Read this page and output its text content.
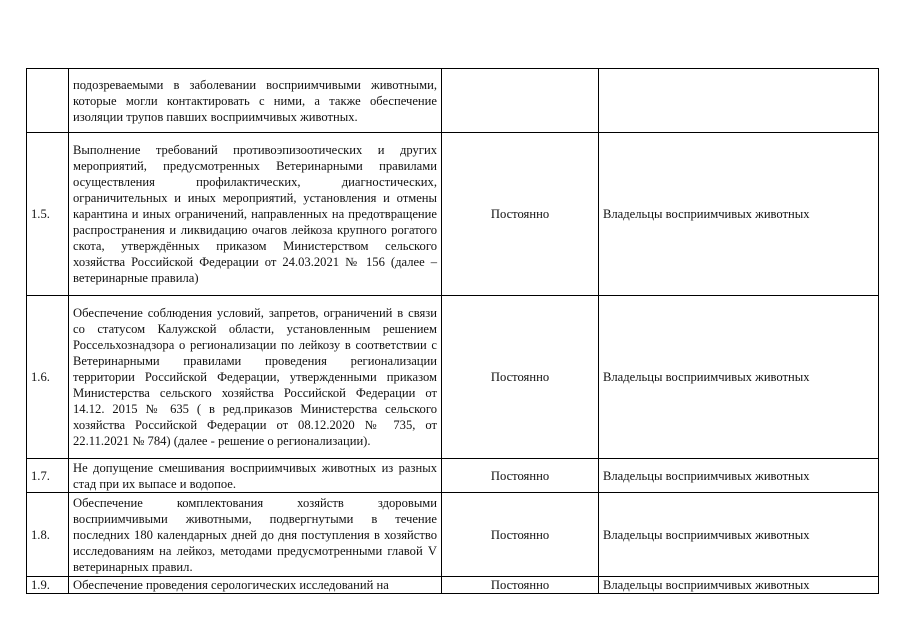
	подозреваемыми в заболевании восприимчивыми животными, которые могли контактировать с ними, а также обеспечение изоляции трупов павших восприимчивых животных.		
1.5.	Выполнение требований противоэпизоотических и других мероприятий, предусмотренных Ветеринарными правилами осуществления профилактических, диагностических, ограничительных и иных мероприятий, установления и отмены карантина и иных ограничений, направленных на предотвращение распространения и ликвидацию очагов лейкоза крупного рогатого скота, утверждённых приказом Министерством сельского хозяйства Российской Федерации от 24.03.2021 № 156 (далее – ветеринарные правила)	Постоянно	Владельцы восприимчивых животных
1.6.	Обеспечение соблюдения условий, запретов, ограничений в связи со статусом Калужской области, установленным решением Россельхознадзора о регионализации по лейкозу в соответствии с Ветеринарными правилами проведения регионализации территории Российской Федерации, утвержденными приказом Министерства сельского хозяйства Российской Федерации от 14.12. 2015 № 635 ( в ред.приказов Министерства сельского хозяйства Российской Федерации от 08.12.2020 № 735, от 22.11.2021 № 784) (далее - решение о регионализации).	Постоянно	Владельцы восприимчивых животных
1.7.	Не допущение смешивания восприимчивых животных из разных стад при их выпасе и водопое.	Постоянно	Владельцы восприимчивых животных
1.8.	Обеспечение комплектования хозяйств здоровыми восприимчивыми животными, подвергнутыми в течение последних 180 календарных дней до дня поступления в хозяйство исследованиям на лейкоз, методами предусмотренными главой V ветеринарных правил.	Постоянно	Владельцы восприимчивых животных
1.9.	Обеспечение проведения серологических исследований на	Постоянно	Владельцы восприимчивых животных
